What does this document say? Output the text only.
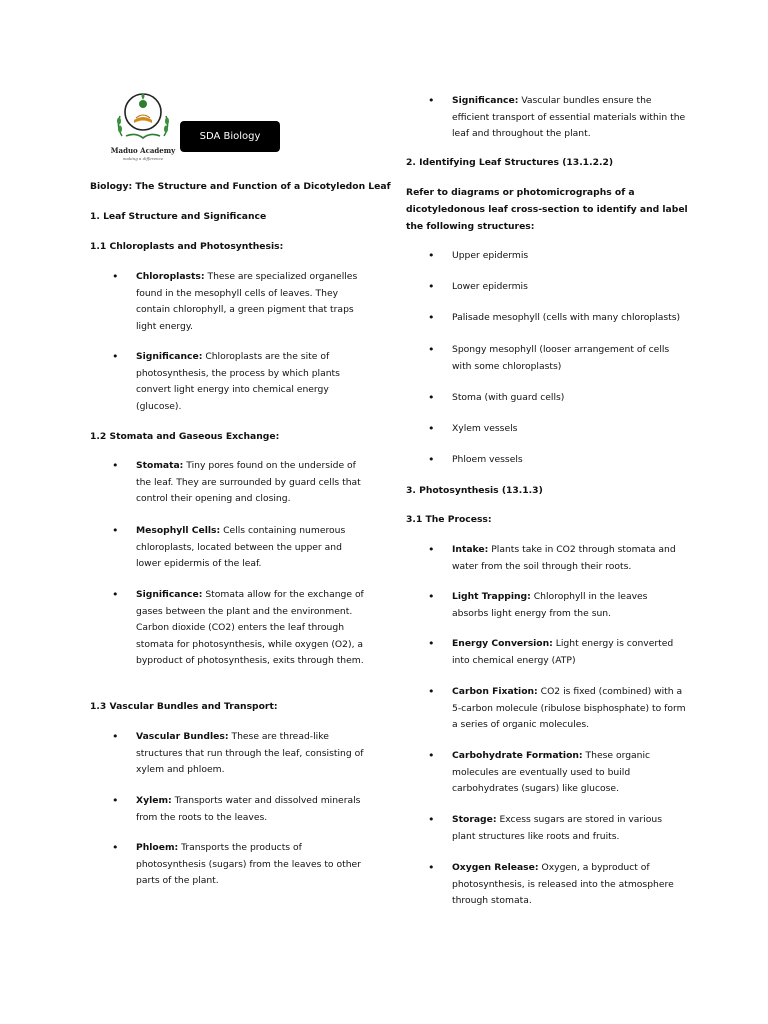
Maduo Academy
making a difference
SDA Biology
Biology: The Structure and Function of a Dicotyledon Leaf
1. Leaf Structure and Significance
1.1 Chloroplasts and Photosynthesis:
• Chloroplasts: These are specialized organelles found in the mesophyll cells of leaves. They contain chlorophyll, a green pigment that traps light energy.
• Significance: Chloroplasts are the site of photosynthesis, the process by which plants convert light energy into chemical energy (glucose).
1.2 Stomata and Gaseous Exchange:
• Stomata: Tiny pores found on the underside of the leaf. They are surrounded by guard cells that control their opening and closing.
• Mesophyll Cells: Cells containing numerous chloroplasts, located between the upper and lower epidermis of the leaf.
• Significance: Stomata allow for the exchange of gases between the plant and the environment. Carbon dioxide (CO2) enters the leaf through stomata for photosynthesis, while oxygen (O2), a byproduct of photosynthesis, exits through them.
1.3 Vascular Bundles and Transport:
• Vascular Bundles: These are thread-like structures that run through the leaf, consisting of xylem and phloem.
• Xylem: Transports water and dissolved minerals from the roots to the leaves.
• Phloem: Transports the products of photosynthesis (sugars) from the leaves to other parts of the plant.
• Significance: Vascular bundles ensure the efficient transport of essential materials within the leaf and throughout the plant.
2. Identifying Leaf Structures (13.1.2.2)
Refer to diagrams or photomicrographs of a dicotyledonous leaf cross-section to identify and label the following structures:
• Upper epidermis
• Lower epidermis
• Palisade mesophyll (cells with many chloroplasts)
• Spongy mesophyll (looser arrangement of cells with some chloroplasts)
• Stoma (with guard cells)
• Xylem vessels
• Phloem vessels
3. Photosynthesis (13.1.3)
3.1 The Process:
• Intake: Plants take in CO2 through stomata and water from the soil through their roots.
• Light Trapping: Chlorophyll in the leaves absorbs light energy from the sun.
• Energy Conversion: Light energy is converted into chemical energy (ATP)
• Carbon Fixation: CO2 is fixed (combined) with a 5-carbon molecule (ribulose bisphosphate) to form a series of organic molecules.
• Carbohydrate Formation: These organic molecules are eventually used to build carbohydrates (sugars) like glucose.
• Storage: Excess sugars are stored in various plant structures like roots and fruits.
• Oxygen Release: Oxygen, a byproduct of photosynthesis, is released into the atmosphere through stomata.
